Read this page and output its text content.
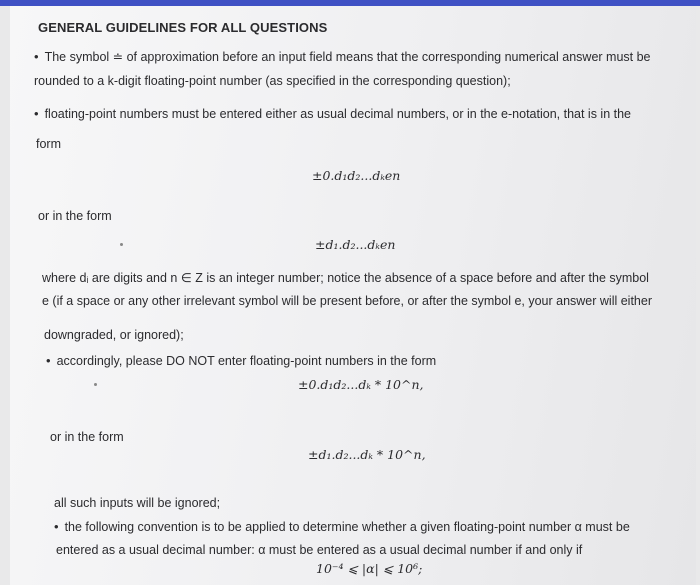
GENERAL GUIDELINES FOR ALL QUESTIONS
• The symbol ≐ of approximation before an input field means that the corresponding numerical answer must be
rounded to a k-digit floating-point number (as specified in the corresponding question);
• floating-point numbers must be entered either as usual decimal numbers, or in the e-notation, that is in the
form
±0.d₁d₂...dₖen
or in the form
±d₁.d₂...dₖen
where dᵢ are digits and n ∈ Z is an integer number; notice the absence of a space before and after the symbol
e (if a space or any other irrelevant symbol will be present before, or after the symbol e, your answer will either
downgraded, or ignored);
• accordingly, please DO NOT enter floating-point numbers in the form
±0.d₁d₂...dₖ * 10^n,
or in the form
±d₁.d₂...dₖ * 10^n,
all such inputs will be ignored;
• the following convention is to be applied to determine whether a given floating-point number α must be
entered as a usual decimal number: α must be entered as a usual decimal number if and only if
10⁻⁴ ⩽ |α| ⩽ 10⁶;
